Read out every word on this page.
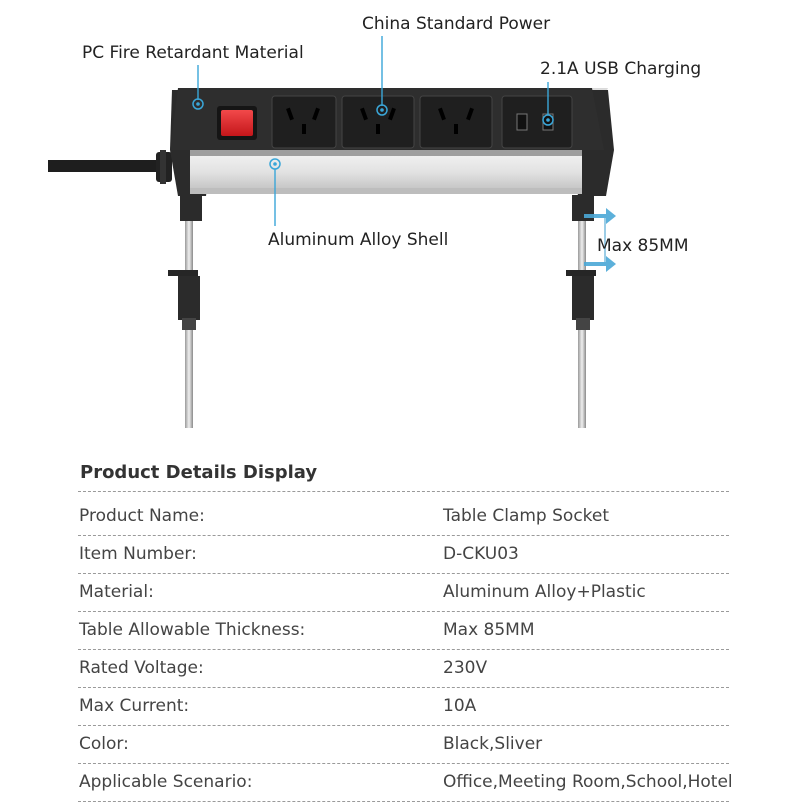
PC Fire Retardant Material

China Standard Power

2.1A USB Charging

Aluminum Alloy Shell	Max 85MM

Product Details Display
Product Name:	Table Clamp Socket
Item Number:	D-CKU03
Material:	Aluminum Alloy+Plastic
Table Allowable Thickness:	Max 85MM
Rated Voltage:	230V
Max Current:	10A
Color:	Black,Sliver
Applicable Scenario:	Office,Meeting Room,School,Hotel
